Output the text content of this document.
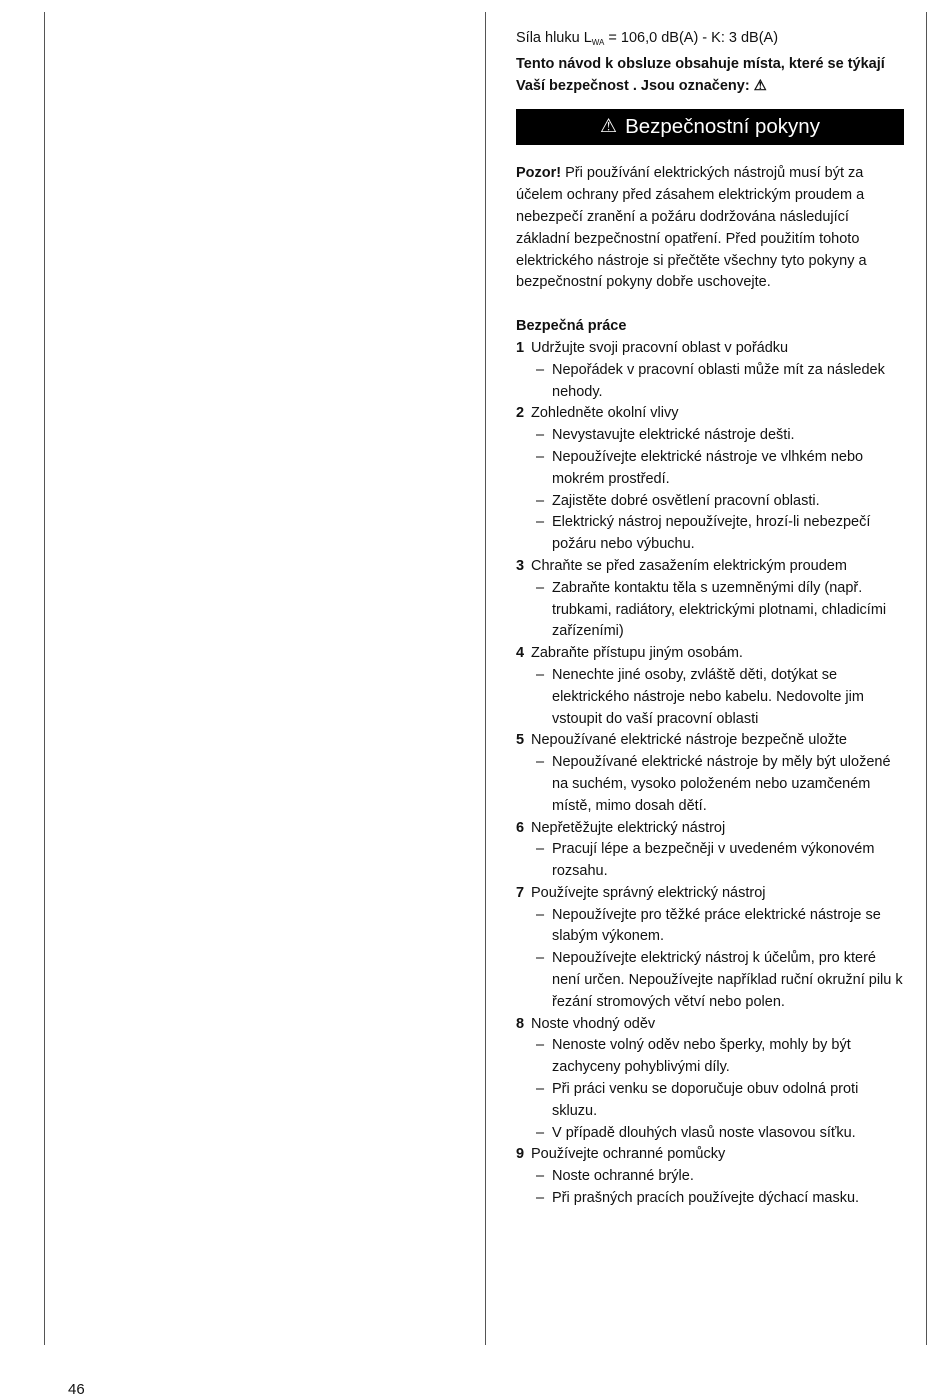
Síla hluku $L_{WA} = 106,0$ dB(A) - K: 3 dB(A)

Tento návod k obsluze obsahuje místa, které se týkají Vaší bezpečnost . Jsou označeny: ⚠

⚠ Bezpečnostní pokyny

Pozor! Při používání elektrických nástrojů musí být za účelem ochrany před zásahem elektrickým proudem a nebezpečí zranění a požáru dodržována následující základní bezpečnostní opatření. Před použitím tohoto elektrického nástroje si přečtěte všechny tyto pokyny a bezpečnostní pokyny dobře uschovejte.

Bezpečná práce

1 Udržujte svoji pracovní oblast v pořádku
– Nepořádek v pracovní oblasti může mít za následek nehody.
2 Zohledněte okolní vlivy
– Nevystavujte elektrické nástroje dešti.
– Nepoužívejte elektrické nástroje ve vlhkém nebo mokrém prostředí.
– Zajistěte dobré osvětlení pracovní oblasti.
– Elektrický nástroj nepoužívejte, hrozí-li nebezpečí požáru nebo výbuchu.
3 Chraňte se před zasažením elektrickým proudem
– Zabraňte kontaktu těla s uzemněnými díly (např. trubkami, radiátory, elektrickými plotnami, chladicími zařízeními)
4 Zabraňte přístupu jiným osobám.
– Nenechte jiné osoby, zvláště děti, dotýkat se elektrického nástroje nebo kabelu. Nedovolte jim vstoupit do vaší pracovní oblasti
5 Nepoužívané elektrické nástroje bezpečně uložte
– Nepoužívané elektrické nástroje by měly být uložené na suchém, vysoko položeném nebo uzamčeném místě, mimo dosah dětí.
6 Nepřetěžujte elektrický nástroj
– Pracují lépe a bezpečněji v uvedeném výkonovém rozsahu.
7 Používejte správný elektrický nástroj
– Nepoužívejte pro těžké práce elektrické nástroje se slabým výkonem.
– Nepoužívejte elektrický nástroj k účelům, pro které není určen. Nepoužívejte například ruční okružní pilu k řezání stromových větví nebo polen.
8 Noste vhodný oděv
– Nenoste volný oděv nebo šperky, mohly by být zachyceny pohyblivými díly.
– Při práci venku se doporučuje obuv odolná proti skluzu.
– V případě dlouhých vlasů noste vlasovou síťku.
9 Používejte ochranné pomůcky
– Noste ochranné brýle.
– Při prašných pracích používejte dýchací masku.
46
